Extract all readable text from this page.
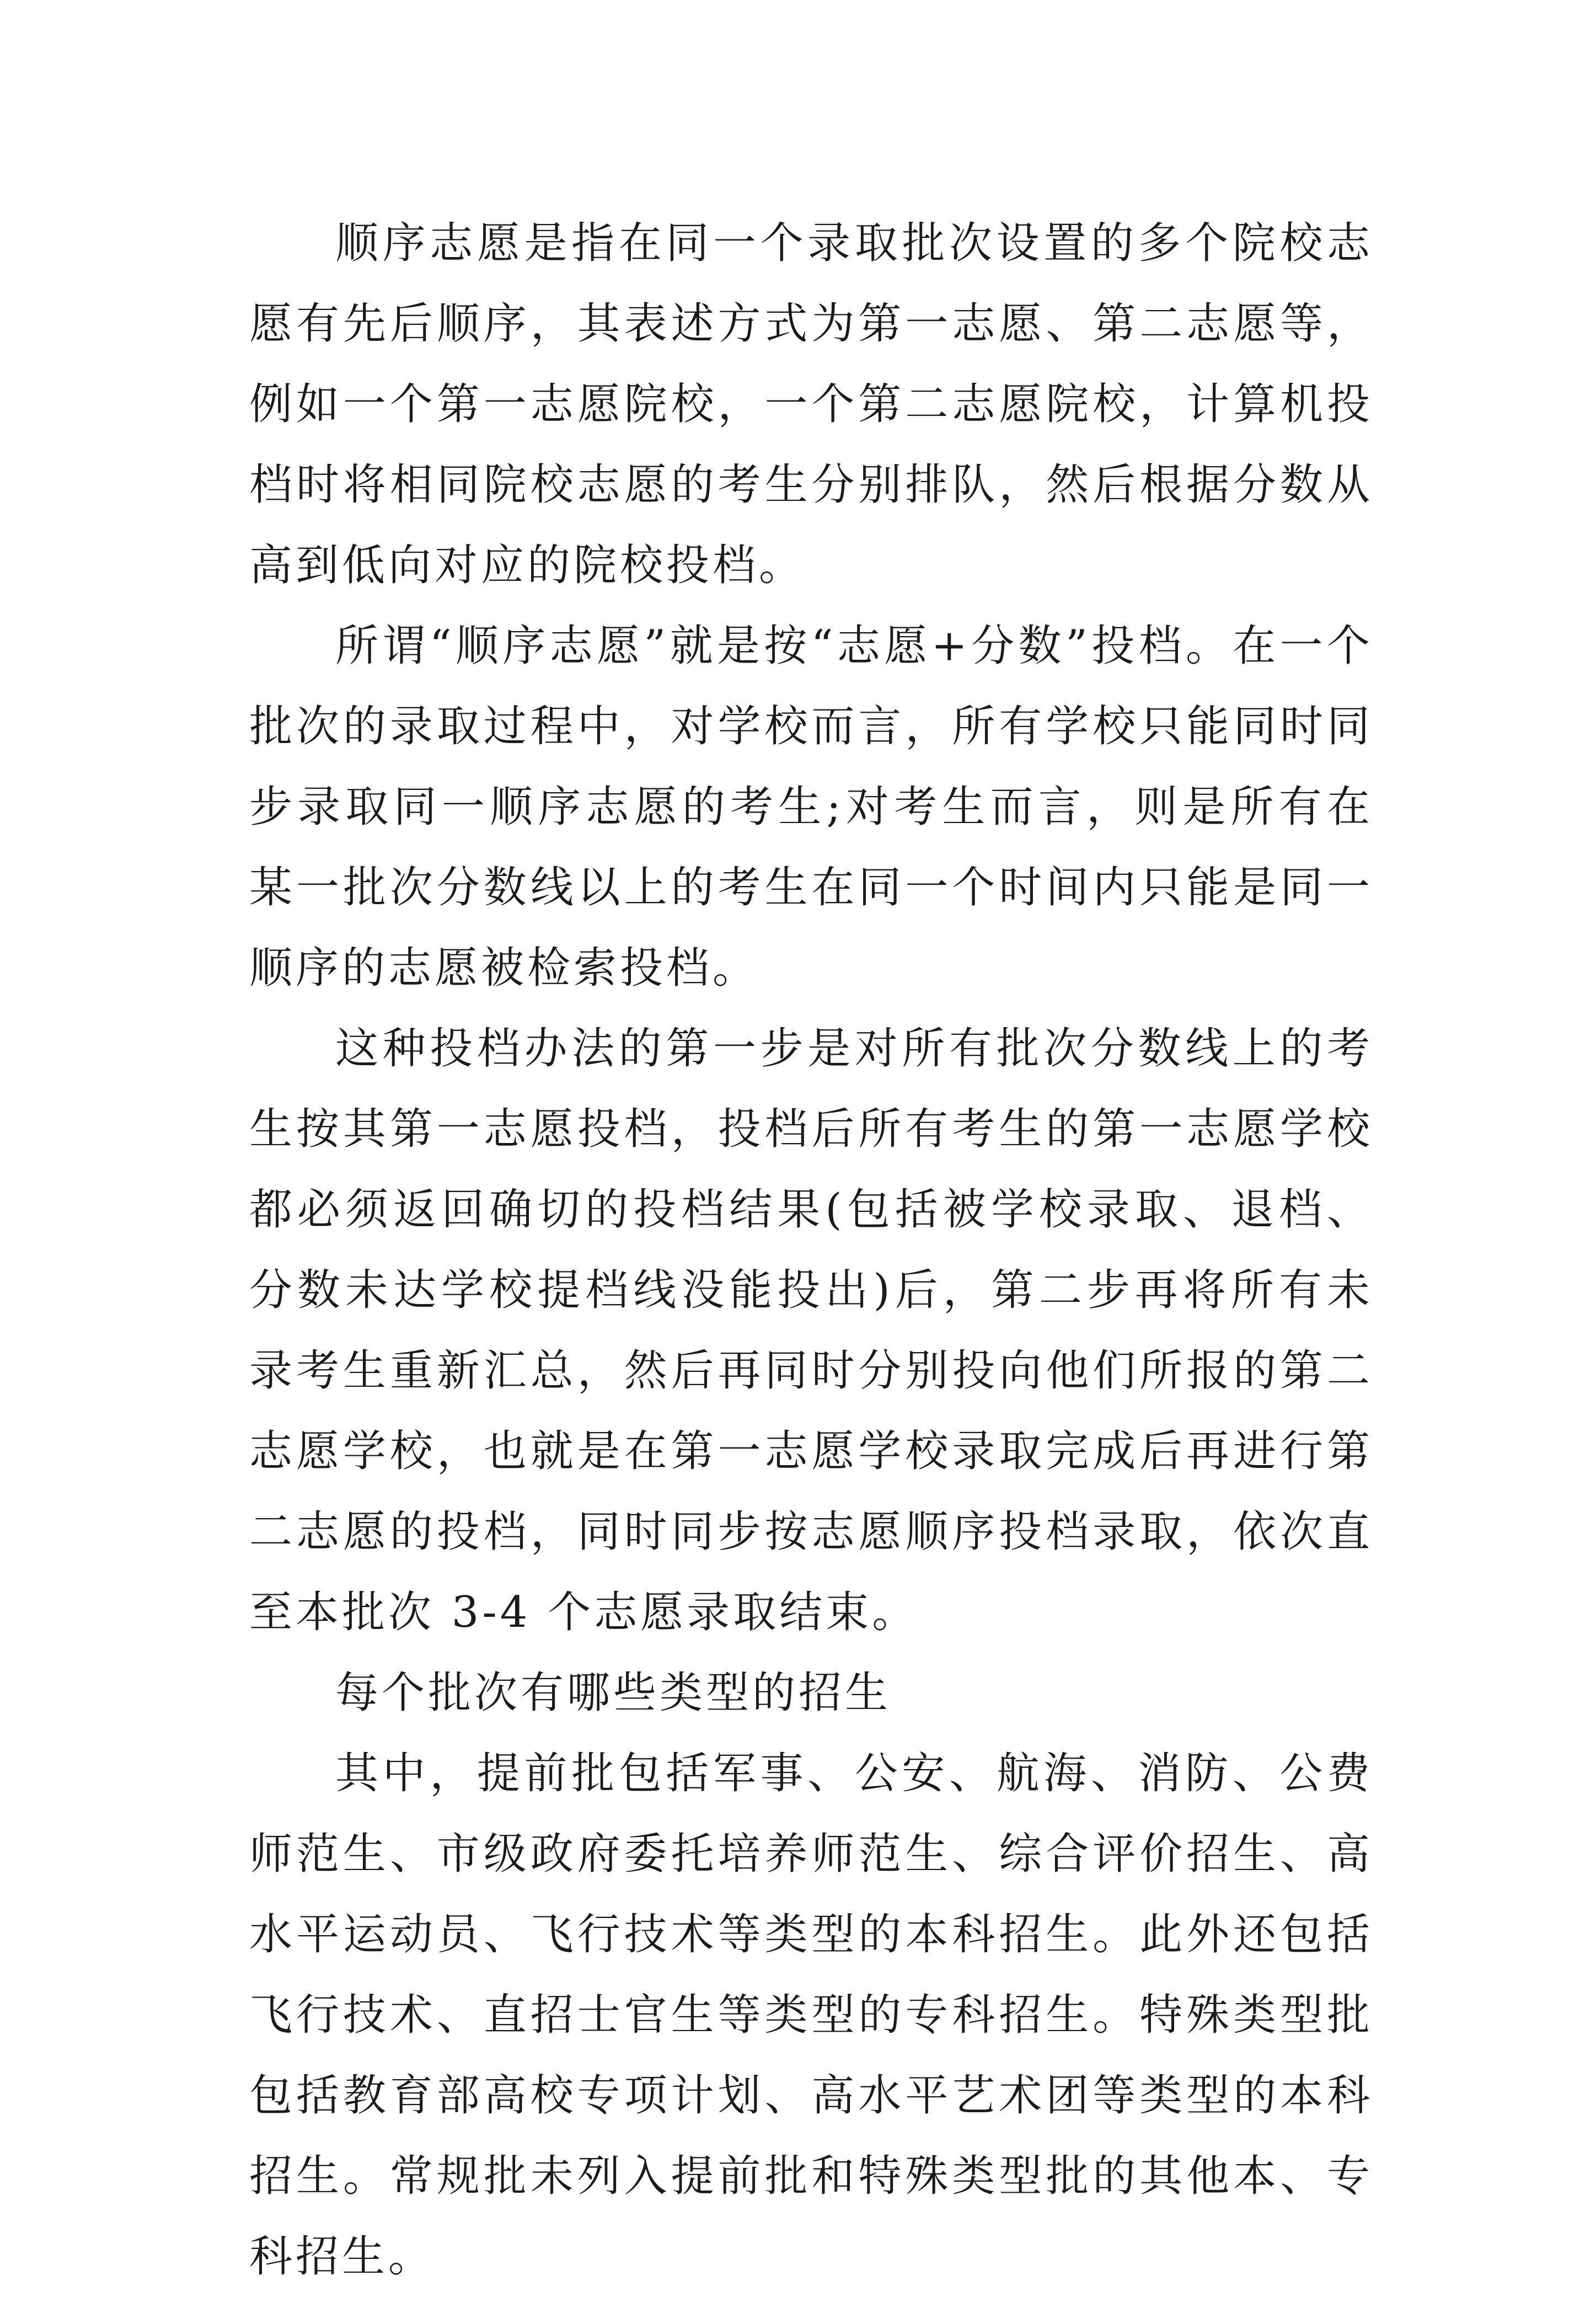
顺序志愿是指在同一个录取批次设置的多个院校志愿有先后顺序，其表述方式为第一志愿、第二志愿等，例如一个第一志愿院校，一个第二志愿院校，计算机投档时将相同院校志愿的考生分别排队，然后根据分数从高到低向对应的院校投档。

所谓“顺序志愿”就是按“志愿+分数”投档。在一个批次的录取过程中，对学校而言，所有学校只能同时同步录取同一顺序志愿的考生;对考生而言，则是所有在某一批次分数线以上的考生在同一个时间内只能是同一顺序的志愿被检索投档。

这种投档办法的第一步是对所有批次分数线上的考生按其第一志愿投档，投档后所有考生的第一志愿学校都必须返回确切的投档结果(包括被学校录取、退档、分数未达学校提档线没能投出)后，第二步再将所有未录考生重新汇总，然后再同时分别投向他们所报的第二志愿学校，也就是在第一志愿学校录取完成后再进行第二志愿的投档，同时同步按志愿顺序投档录取，依次直至本批次 3-4 个志愿录取结束。

每个批次有哪些类型的招生

其中，提前批包括军事、公安、航海、消防、公费师范生、市级政府委托培养师范生、综合评价招生、高水平运动员、飞行技术等类型的本科招生。此外还包括飞行技术、直招士官生等类型的专科招生。特殊类型批包括教育部高校专项计划、高水平艺术团等类型的本科招生。常规批未列入提前批和特殊类型批的其他本、专科招生。
